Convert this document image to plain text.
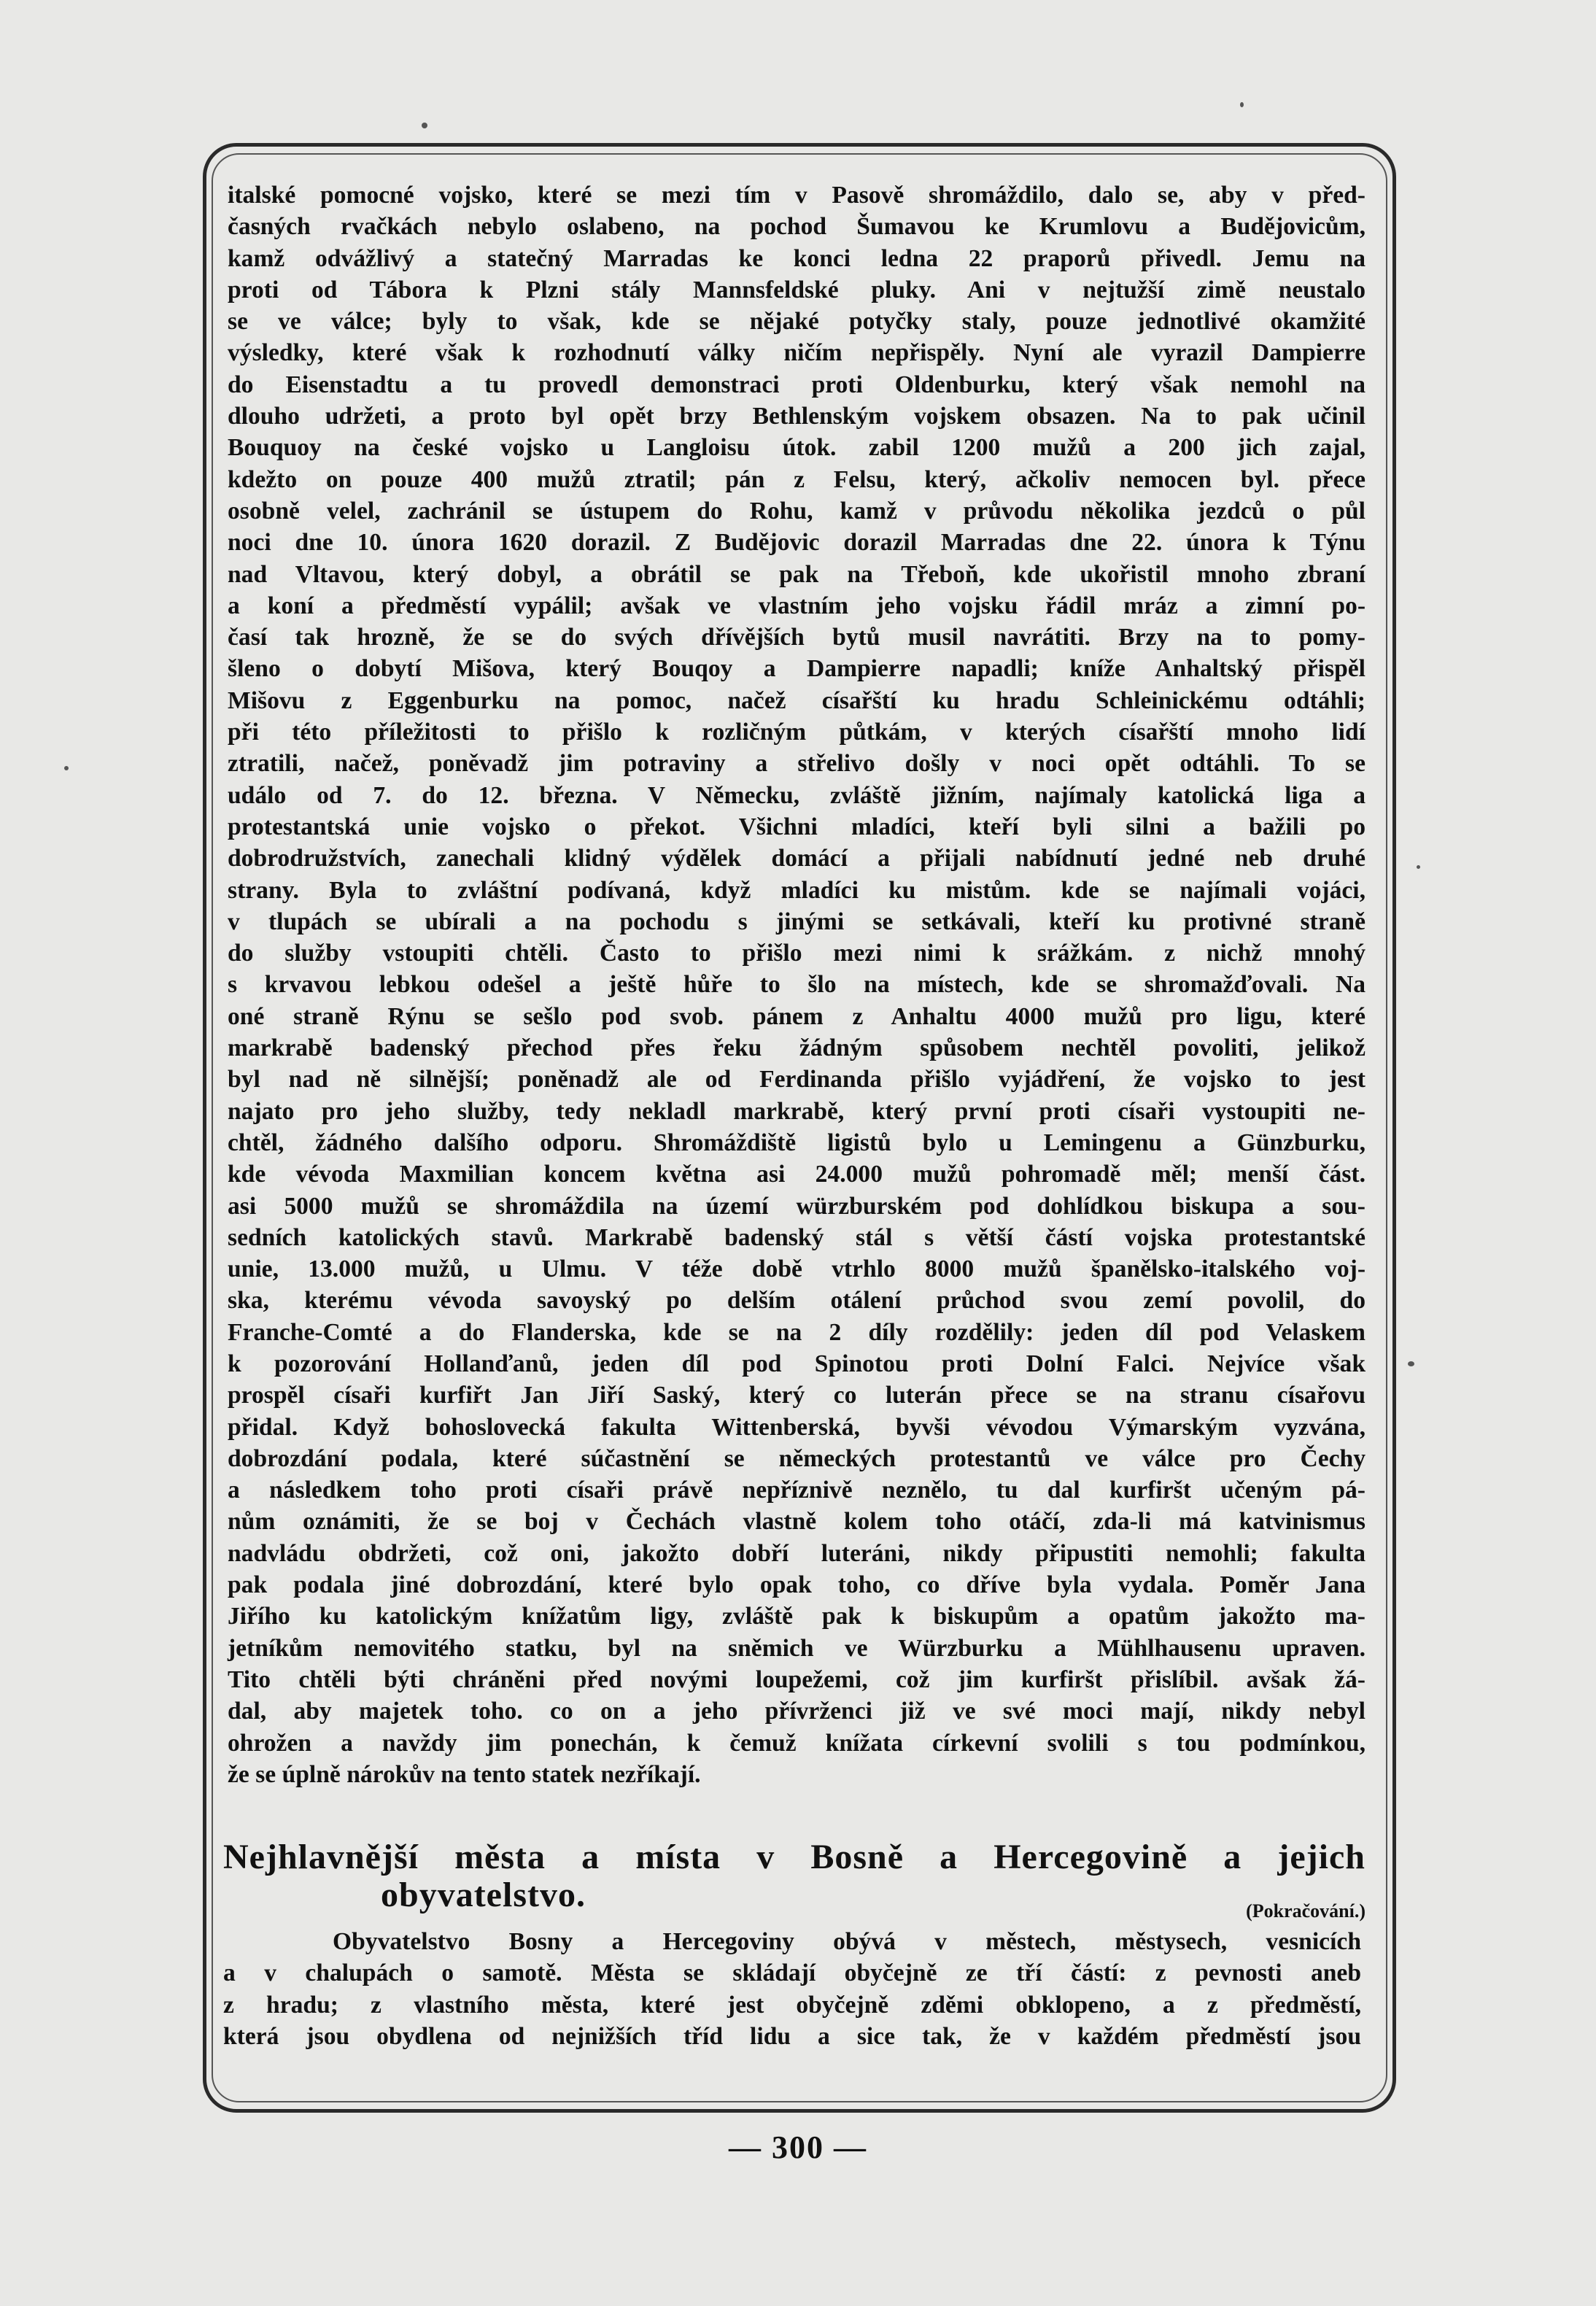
italské pomocné vojsko, které se mezi tím v Pasově shromáždilo, dalo se, aby v před-
časných rvačkách nebylo oslabeno, na pochod Šumavou ke Krumlovu a Budějovicům,
kamž odvážlivý a statečný Marradas ke konci ledna 22 praporů přivedl. Jemu na
proti od Tábora k Plzni stály Mannsfeldské pluky. Ani v nejtužší zimě neustalo
se ve válce; byly to však, kde se nějaké potyčky staly, pouze jednotlivé okamžité
výsledky, které však k rozhodnutí války ničím nepřispěly. Nyní ale vyrazil Dampierre
do Eisenstadtu a tu provedl demonstraci proti Oldenburku, který však nemohl na
dlouho udržeti, a proto byl opět brzy Bethlenským vojskem obsazen. Na to pak učinil
Bouquoy na české vojsko u Langloisu útok. zabil 1200 mužů a 200 jich zajal,
kdežto on pouze 400 mužů ztratil; pán z Felsu, který, ačkoliv nemocen byl. přece
osobně velel, zachránil se ústupem do Rohu, kamž v průvodu několika jezdců o půl
noci dne 10. února 1620 dorazil. Z Budějovic dorazil Marradas dne 22. února k Týnu
nad Vltavou, který dobyl, a obrátil se pak na Třeboň, kde ukořistil mnoho zbraní
a koní a předměstí vypálil; avšak ve vlastním jeho vojsku řádil mráz a zimní po-
časí tak hrozně, že se do svých dřívějších bytů musil navrátiti. Brzy na to pomy-
šleno o dobytí Mišova, který Bouqoy a Dampierre napadli; kníže Anhaltský přispěl
Mišovu z Eggenburku na pomoc, načež císařští ku hradu Schleinickému odtáhli;
při této příležitosti to přišlo k rozličným půtkám, v kterých císařští mnoho lidí
ztratili, načež, poněvadž jim potraviny a střelivo došly v noci opět odtáhli. To se
událo od 7. do 12. března. V Německu, zvláště jižním, najímaly katolická liga a
protestantská unie vojsko o překot. Všichni mladíci, kteří byli silni a bažili po
dobrodružstvích, zanechali klidný výdělek domácí a přijali nabídnutí jedné neb druhé
strany. Byla to zvláštní podívaná, když mladíci ku mistům. kde se najímali vojáci,
v tlupách se ubírali a na pochodu s jinými se setkávali, kteří ku protivné straně
do služby vstoupiti chtěli. Často to přišlo mezi nimi k srážkám. z nichž mnohý
s krvavou lebkou odešel a ještě hůře to šlo na místech, kde se shromažďovali. Na
oné straně Rýnu se sešlo pod svob. pánem z Anhaltu 4000 mužů pro ligu, které
markrabě badenský přechod přes řeku žádným spůsobem nechtěl povoliti, jelikož
byl nad ně silnější; poněnadž ale od Ferdinanda přišlo vyjádření, že vojsko to jest
najato pro jeho služby, tedy nekladl markrabě, který první proti císaři vystoupiti ne-
chtěl, žádného dalšího odporu. Shromáždiště ligistů bylo u Lemingenu a Günzburku,
kde vévoda Maxmilian koncem května asi 24.000 mužů pohromadě měl; menší část.
asi 5000 mužů se shromáždila na území würzburském pod dohlídkou biskupa a sou-
sedních katolických stavů. Markrabě badenský stál s větší částí vojska protestantské
unie, 13.000 mužů, u Ulmu. V téže době vtrhlo 8000 mužů španělsko-italského voj-
ska, kterému vévoda savoyský po delším otálení průchod svou zemí povolil, do
Franche-Comté a do Flanderska, kde se na 2 díly rozdělily: jeden díl pod Velaskem
k pozorování Hollanďanů, jeden díl pod Spinotou proti Dolní Falci. Nejvíce však
prospěl císaři kurfiřt Jan Jiří Saský, který co luterán přece se na stranu císařovu
přidal. Když bohoslovecká fakulta Wittenberská, byvši vévodou Výmarským vyzvána,
dobrozdání podala, které súčastnění se německých protestantů ve válce pro Čechy
a následkem toho proti císaři právě nepříznivě neznělo, tu dal kurfiršt učeným pá-
nům oznámiti, že se boj v Čechách vlastně kolem toho otáčí, zda-li má katvinismus
nadvládu obdržeti, což oni, jakožto dobří luteráni, nikdy připustiti nemohli; fakulta
pak podala jiné dobrozdání, které bylo opak toho, co dříve byla vydala. Poměr Jana
Jiřího ku katolickým knížatům ligy, zvláště pak k biskupům a opatům jakožto ma-
jetníkům nemovitého statku, byl na sněmich ve Würzburku a Mühlhausenu upraven.
Tito chtěli býti chráněni před novými loupežemi, což jim kurfiršt přislíbil. avšak žá-
dal, aby majetek toho. co on a jeho přívrženci již ve své moci mají, nikdy nebyl
ohrožen a navždy jim ponechán, k čemuž knížata církevní svolili s tou podmínkou,
že se úplně nárokův na tento statek nezříkají.
Nejhlavnější města a místa v Bosně a Hercegovině a jejich
obyvatelstvo.	(Pokračování.)
Obyvatelstvo Bosny a Hercegoviny obývá v městech, městysech, vesnicích
a v chalupách o samotě. Města se skládají obyčejně ze tří částí: z pevnosti aneb
z hradu; z vlastního města, které jest obyčejně zděmi obklopeno, a z předměstí,
která jsou obydlena od nejnižších tříd lidu a sice tak, že v každém předměstí jsou
— 300 —
